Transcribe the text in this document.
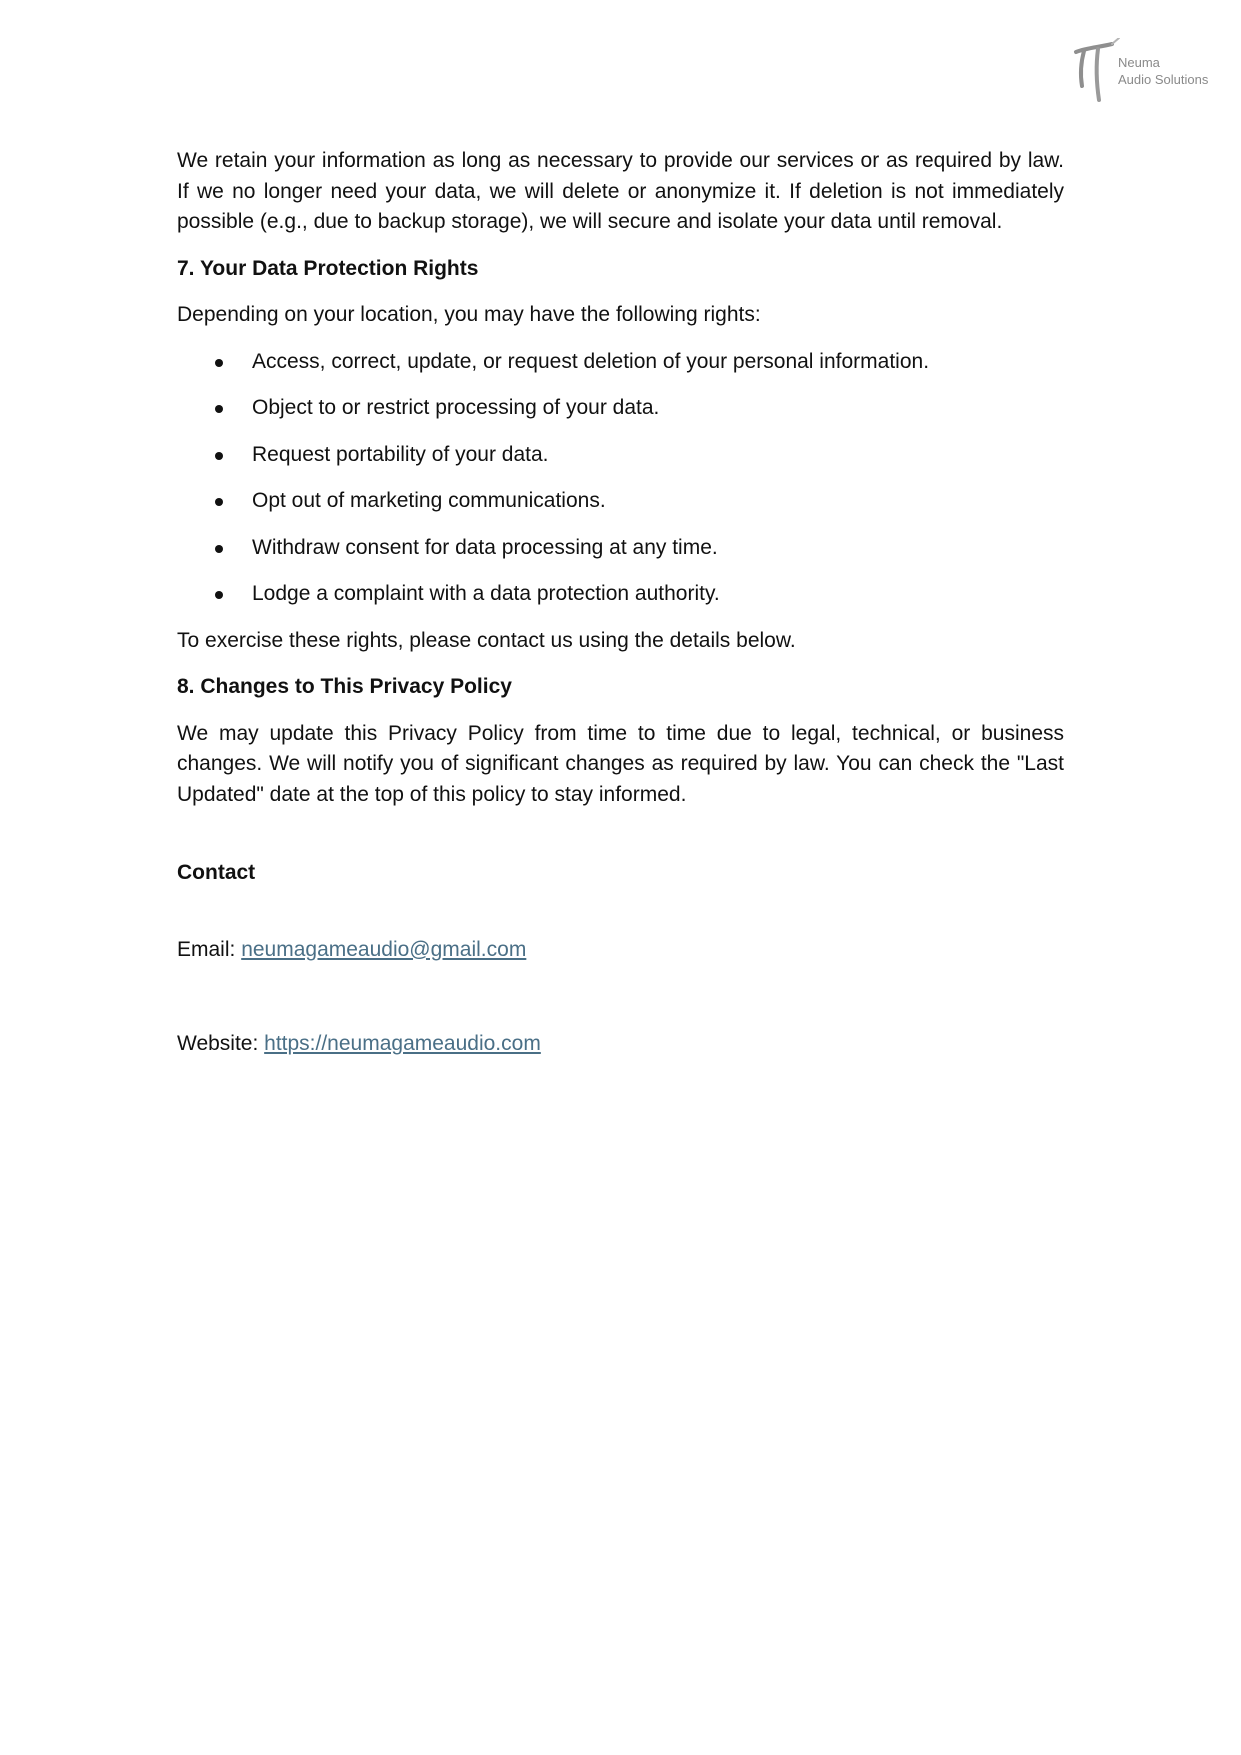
Neuma
Audio Solutions

We retain your information as long as necessary to provide our services or as required by law. If we no longer need your data, we will delete or anonymize it. If deletion is not immediately possible (e.g., due to backup storage), we will secure and isolate your data until removal.

7. Your Data Protection Rights

Depending on your location, you may have the following rights:

Access, correct, update, or request deletion of your personal information.
Object to or restrict processing of your data.
Request portability of your data.
Opt out of marketing communications.
Withdraw consent for data processing at any time.
Lodge a complaint with a data protection authority.

To exercise these rights, please contact us using the details below.

8. Changes to This Privacy Policy

We may update this Privacy Policy from time to time due to legal, technical, or business changes. We will notify you of significant changes as required by law. You can check the "Last Updated" date at the top of this policy to stay informed.

Contact

Email: neumagameaudio@gmail.com

Website: https://neumagameaudio.com
